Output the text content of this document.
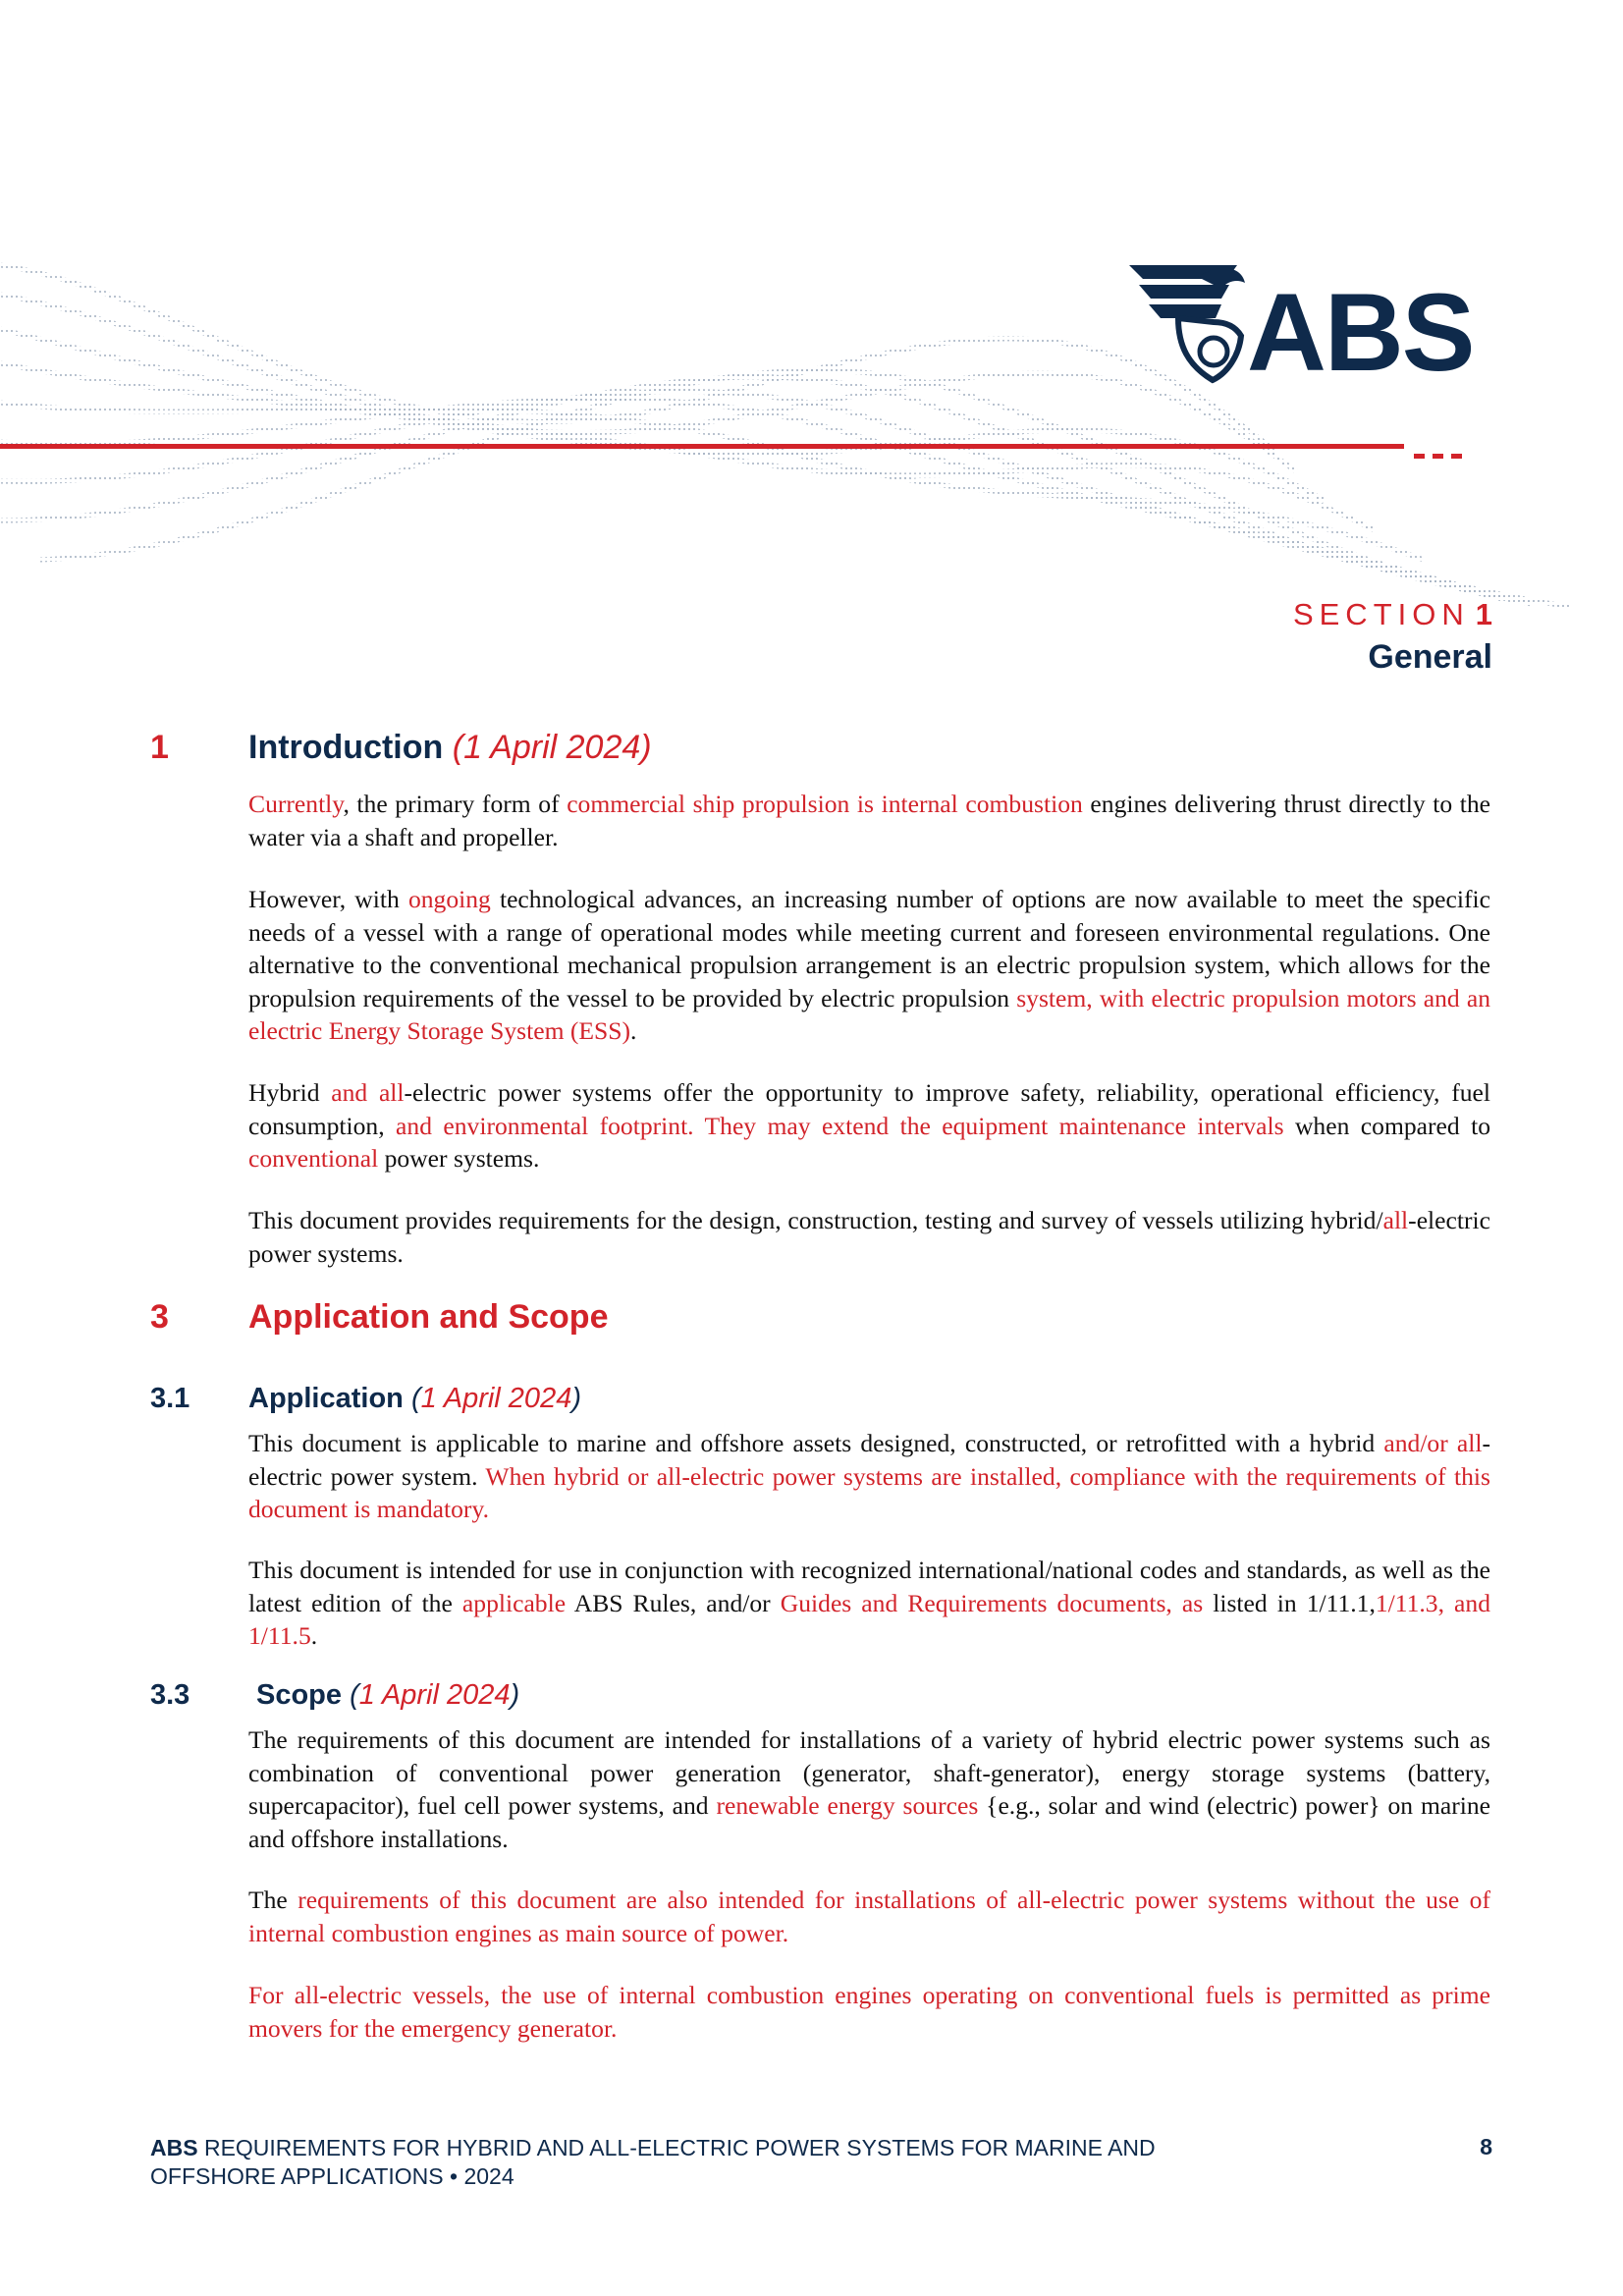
ABS
SECTION 1
General
1 Introduction (1 April 2024)
Currently, the primary form of commercial ship propulsion is internal combustion engines delivering thrust directly to the water via a shaft and propeller.
However, with ongoing technological advances, an increasing number of options are now available to meet the specific needs of a vessel with a range of operational modes while meeting current and foreseen environmental regulations. One alternative to the conventional mechanical propulsion arrangement is an electric propulsion system, which allows for the propulsion requirements of the vessel to be provided by electric propulsion system, with electric propulsion motors and an electric Energy Storage System (ESS).
Hybrid and all-electric power systems offer the opportunity to improve safety, reliability, operational efficiency, fuel consumption, and environmental footprint. They may extend the equipment maintenance intervals when compared to conventional power systems.
This document provides requirements for the design, construction, testing and survey of vessels utilizing hybrid/all-electric power systems.
3 Application and Scope
3.1 Application (1 April 2024)
This document is applicable to marine and offshore assets designed, constructed, or retrofitted with a hybrid and/or all-electric power system. When hybrid or all-electric power systems are installed, compliance with the requirements of this document is mandatory.
This document is intended for use in conjunction with recognized international/national codes and standards, as well as the latest edition of the applicable ABS Rules, and/or Guides and Requirements documents, as listed in 1/11.1,1/11.3, and 1/11.5.
3.3 Scope (1 April 2024)
The requirements of this document are intended for installations of a variety of hybrid electric power systems such as combination of conventional power generation (generator, shaft-generator), energy storage systems (battery, supercapacitor), fuel cell power systems, and renewable energy sources {e.g., solar and wind (electric) power} on marine and offshore installations.
The requirements of this document are also intended for installations of all-electric power systems without the use of internal combustion engines as main source of power.
For all-electric vessels, the use of internal combustion engines operating on conventional fuels is permitted as prime movers for the emergency generator.
ABS REQUIREMENTS FOR HYBRID AND ALL-ELECTRIC POWER SYSTEMS FOR MARINE AND OFFSHORE APPLICATIONS • 2024
8
